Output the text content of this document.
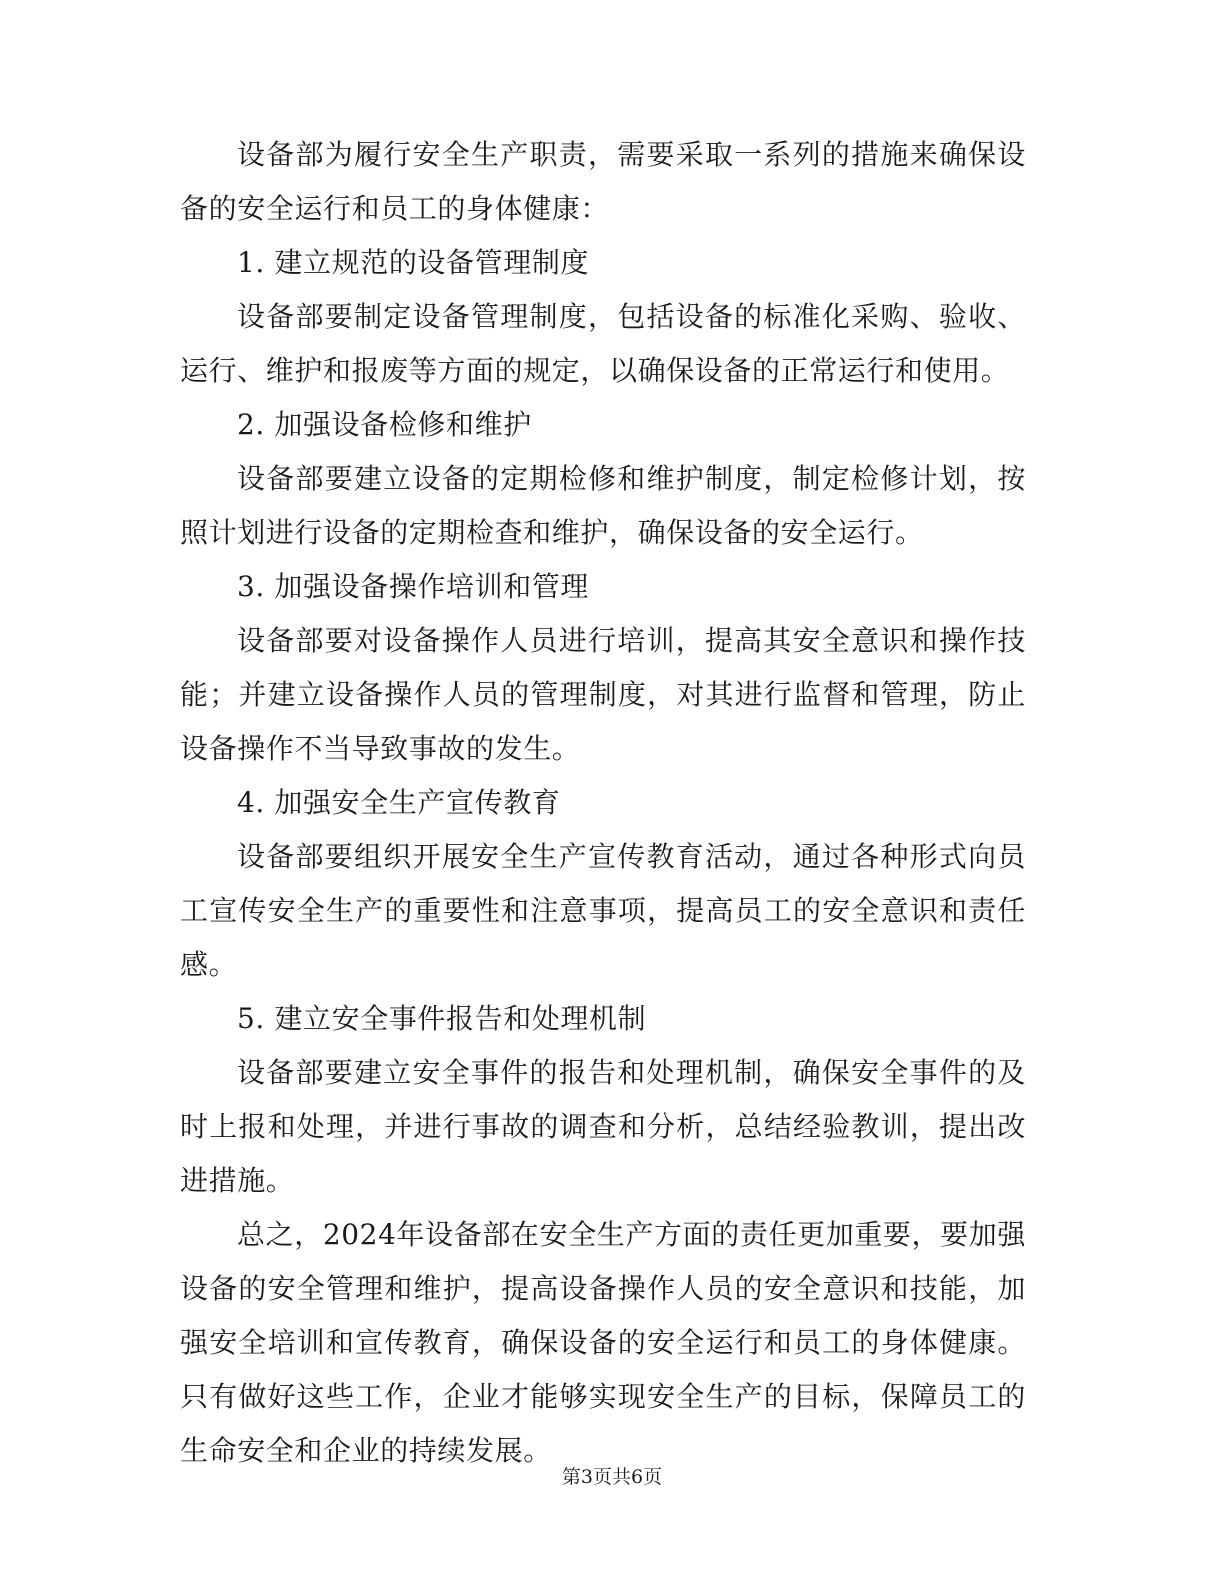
设备部为履行安全生产职责，需要采取一系列的措施来确保设备的安全运行和员工的身体健康：

1. 建立规范的设备管理制度

设备部要制定设备管理制度，包括设备的标准化采购、验收、运行、维护和报废等方面的规定，以确保设备的正常运行和使用。

2. 加强设备检修和维护

设备部要建立设备的定期检修和维护制度，制定检修计划，按照计划进行设备的定期检查和维护，确保设备的安全运行。

3. 加强设备操作培训和管理

设备部要对设备操作人员进行培训，提高其安全意识和操作技能；并建立设备操作人员的管理制度，对其进行监督和管理，防止设备操作不当导致事故的发生。

4. 加强安全生产宣传教育

设备部要组织开展安全生产宣传教育活动，通过各种形式向员工宣传安全生产的重要性和注意事项，提高员工的安全意识和责任感。

5. 建立安全事件报告和处理机制

设备部要建立安全事件的报告和处理机制，确保安全事件的及时上报和处理，并进行事故的调查和分析，总结经验教训，提出改进措施。

总之，2024年设备部在安全生产方面的责任更加重要，要加强设备的安全管理和维护，提高设备操作人员的安全意识和技能，加强安全培训和宣传教育，确保设备的安全运行和员工的身体健康。只有做好这些工作，企业才能够实现安全生产的目标，保障员工的生命安全和企业的持续发展。

第3页共6页
